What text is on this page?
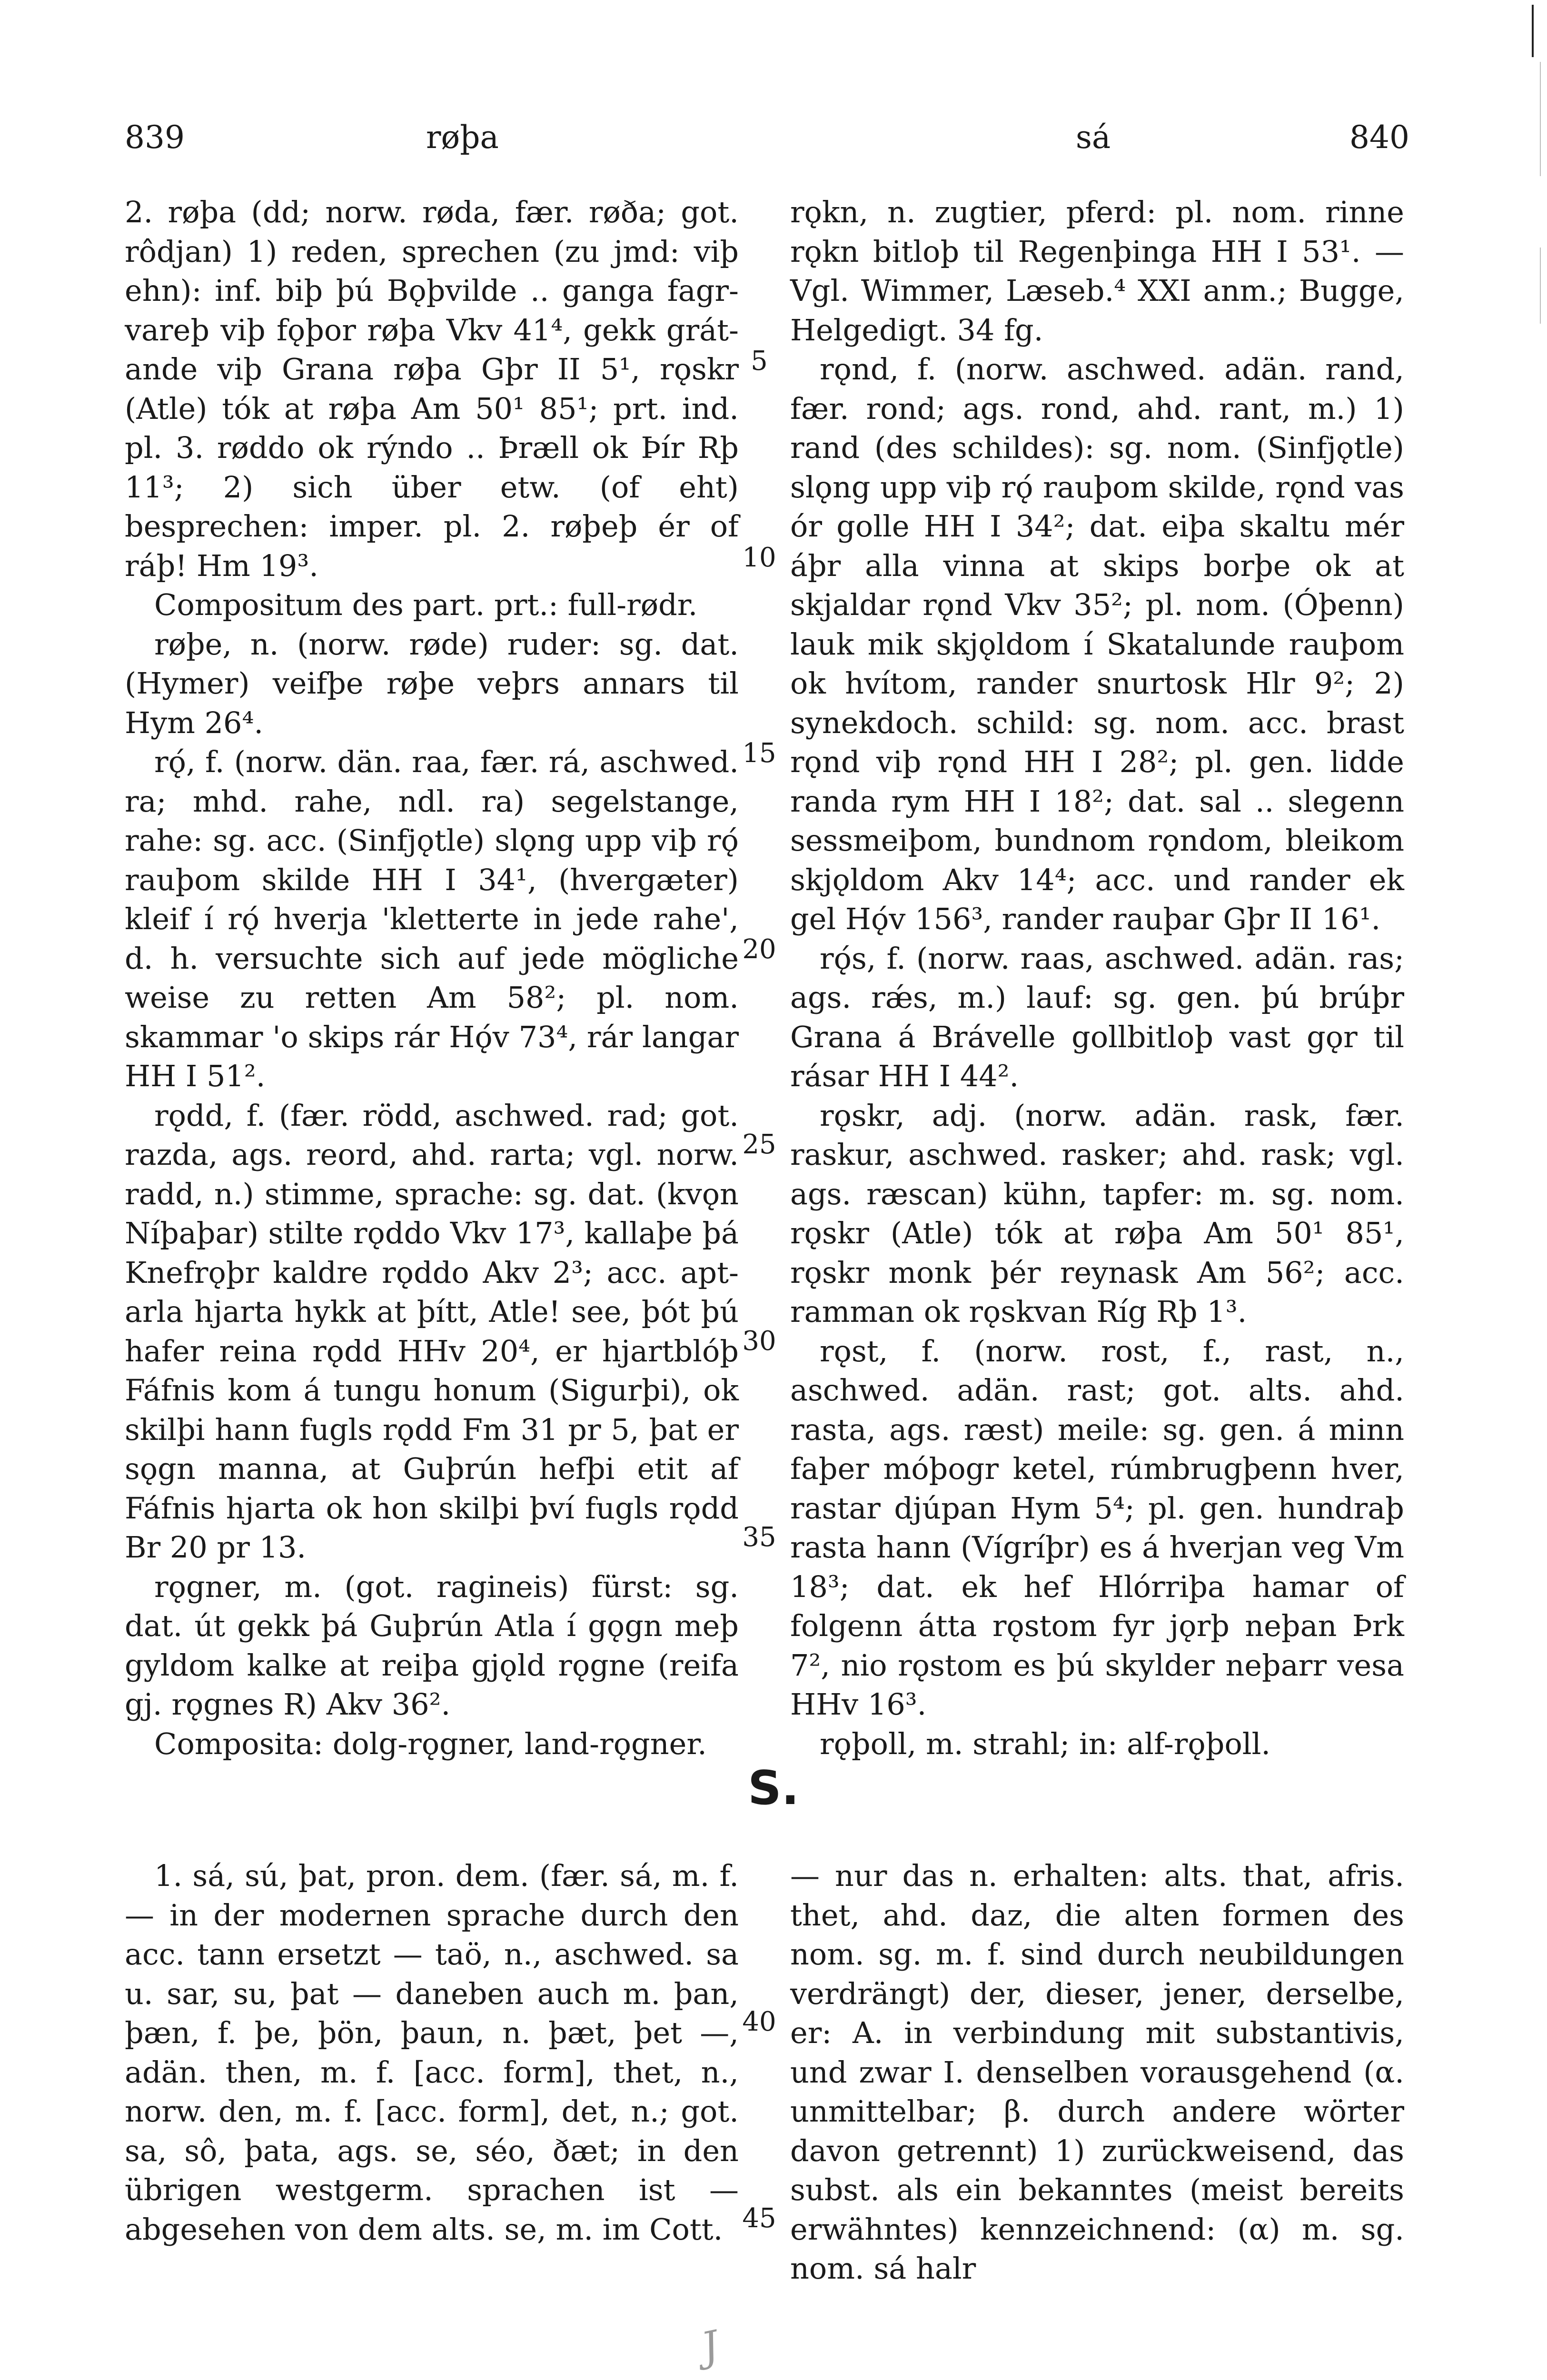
839	røþa	sá	840

2. røþa (dd; norw. røda, fær. røða; got. rôdjan) 1) reden, sprechen (zu jmd: viþ ehn): inf. biþ þú Bǫþvilde .. ganga fagrvareþ viþ fǫþor røþa Vkv 41⁴, gekk grátande viþ Grana røþa Gþr II 5¹, rǫskr (Atle) tók at røþa Am 50¹ 85¹; prt. ind. pl. 3. røddo ok rýndo .. Þræll ok Þír Rþ 11³; 2) sich über etw. (of eht) besprechen: imper. pl. 2. røþeþ ér of ráþ! Hm 19³.

Compositum des part. prt.: full-rødr.

røþe, n. (norw. røde) ruder: sg. dat. (Hymer) veifþe røþe veþrs annars til Hym 26⁴.

rǫ́, f. (norw. dän. raa, fær. rá, aschwed. ra; mhd. rahe, ndl. ra) segelstange, rahe: sg. acc. (Sinfjǫtle) slǫng upp viþ rǫ́ rauþom skilde HH I 34¹, (hvergæter) kleif í rǫ́ hverja 'kletterte in jede rahe', d. h. versuchte sich auf jede mögliche weise zu retten Am 58²; pl. nom. skammar 'o skips rár Hǫ́v 73⁴, rár langar HH I 51².

rǫdd, f. (fær. rödd, aschwed. rad; got. razda, ags. reord, ahd. rarta; vgl. norw. radd, n.) stimme, sprache: sg. dat. (kvǫn Níþaþar) stilte rǫddo Vkv 17³, kallaþe þá Knefrǫþr kaldre rǫddo Akv 2³; acc. aptarla hjarta hykk at þítt, Atle! see, þót þú hafer reina rǫdd HHv 20⁴, er hjartblóþ Fáfnis kom á tungu honum (Sigurþi), ok skilþi hann fugls rǫdd Fm 31 pr 5, þat er sǫgn manna, at Guþrún hefþi etit af Fáfnis hjarta ok hon skilþi því fugls rǫdd Br 20 pr 13.

rǫgner, m. (got. ragineis) fürst: sg. dat. út gekk þá Guþrún Atla í gǫgn meþ gyldom kalke at reiþa gjǫld rǫgne (reifa gj. rǫgnes R) Akv 36².

Composita: dolg-rǫgner, land-rǫgner.

rǫkn, n. zugtier, pferd: pl. nom. rinne rǫkn bitloþ til Regenþinga HH I 53¹. — Vgl. Wimmer, Læseb.⁴ XXI anm.; Bugge, Helgedigt. 34 fg.

rǫnd, f. (norw. aschwed. adän. rand, fær. rond; ags. rond, ahd. rant, m.) 1) rand (des schildes): sg. nom. (Sinfjǫtle) slǫng upp viþ rǫ́ rauþom skilde, rǫnd vas ór golle HH I 34²; dat. eiþa skaltu mér áþr alla vinna at skips borþe ok at skjaldar rǫnd Vkv 35²; pl. nom. (Óþenn) lauk mik skjǫldom í Skatalunde rauþom ok hvítom, rander snurtosk Hlr 9²; 2) synekdoch. schild: sg. nom. acc. brast rǫnd viþ rǫnd HH I 28²; pl. gen. lidde randa rym HH I 18²; dat. sal .. slegenn sessmeiþom, bundnom rǫndom, bleikom skjǫldom Akv 14⁴; acc. und rander ek gel Hǫ́v 156³, rander rauþar Gþr II 16¹.

rǫ́s, f. (norw. raas, aschwed. adän. ras; ags. rǽs, m.) lauf: sg. gen. þú brúþr Grana á Brávelle gollbitloþ vast gǫr til rásar HH I 44².

rǫskr, adj. (norw. adän. rask, fær. raskur, aschwed. rasker; ahd. rask; vgl. ags. ræscan) kühn, tapfer: m. sg. nom. rǫskr (Atle) tók at røþa Am 50¹ 85¹, rǫskr monk þér reynask Am 56²; acc. ramman ok rǫskvan Ríg Rþ 1³.

rǫst, f. (norw. rost, f., rast, n., aschwed. adän. rast; got. alts. ahd. rasta, ags. ræst) meile: sg. gen. á minn faþer móþogr ketel, rúmbrugþenn hver, rastar djúpan Hym 5⁴; pl. gen. hundraþ rasta hann (Vígríþr) es á hverjan veg Vm 18³; dat. ek hef Hlórriþa hamar of folgenn átta rǫstom fyr jǫrþ neþan Þrk 7², nio rǫstom es þú skylder neþarr vesa HHv 16³.

rǫþoll, m. strahl; in: alf-rǫþoll.

5
10
15
20
25
30
35
40
45
S.

1. sá, sú, þat, pron. dem. (fær. sá, m. f. — in der modernen sprache durch den acc. tann ersetzt — taö, n., aschwed. sa u. sar, su, þat — daneben auch m. þan, þæn, f. þe, þön, þaun, n. þæt, þet —, adän. then, m. f. [acc. form], thet, n., norw. den, m. f. [acc. form], det, n.; got. sa, sô, þata, ags. se, séo, ðæt; in den übrigen westgerm. sprachen ist — abgesehen von dem alts. se, m. im Cott.

— nur das n. erhalten: alts. that, afris. thet, ahd. daz, die alten formen des nom. sg. m. f. sind durch neubildungen verdrängt) der, dieser, jener, derselbe, er: A. in verbindung mit substantivis, und zwar I. denselben vorausgehend (α. unmittelbar; β. durch andere wörter davon getrennt) 1) zurückweisend, das subst. als ein bekanntes (meist bereits erwähntes) kennzeichnend: (α) m. sg. nom. sá halr

J
